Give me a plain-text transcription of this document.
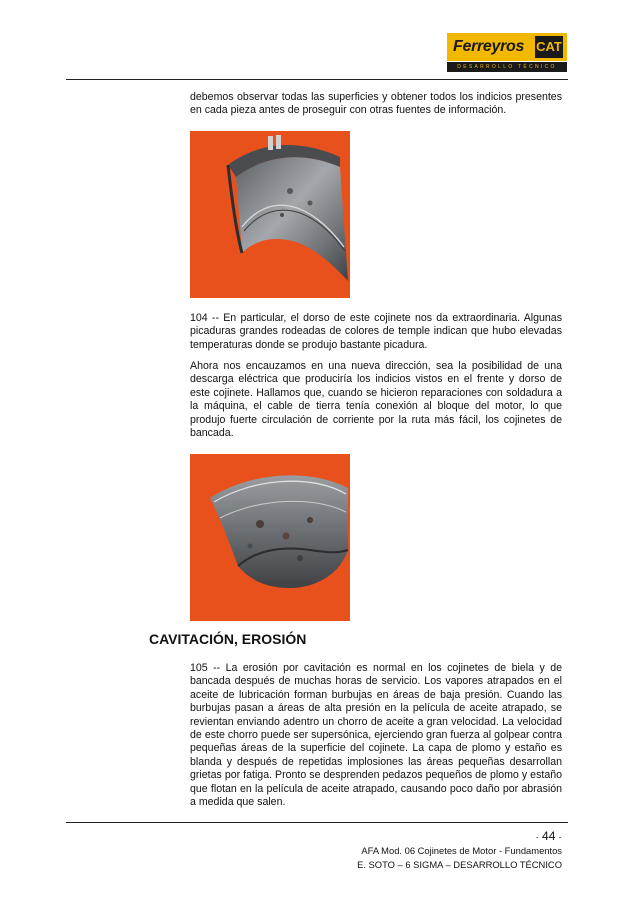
Ferreyros CAT
DESARROLLO TÉCNICO

debemos observar todas las superficies y obtener todos los indicios presentes en cada pieza antes de proseguir con otras fuentes de información.

104 -- En particular, el dorso de este cojinete nos da extraordinaria. Algunas picaduras grandes rodeadas de colores de temple indican que hubo elevadas temperaturas donde se produjo bastante picadura.

Ahora nos encauzamos en una nueva dirección, sea la posibilidad de una descarga eléctrica que produciría los indicios vistos en el frente y dorso de este cojinete. Hallamos que, cuando se hicieron reparaciones con soldadura a la máquina, el cable de tierra tenía conexión al bloque del motor, lo que produjo fuerte circulación de corriente por la ruta más fácil, los cojinetes de bancada.

CAVITACIÓN, EROSIÓN

105 -- La erosión por cavitación es normal en los cojinetes de biela y de bancada después de muchas horas de servicio. Los vapores atrapados en el aceite de lubricación forman burbujas en áreas de baja presión. Cuando las burbujas pasan a áreas de alta presión en la película de aceite atrapado, se revientan enviando adentro un chorro de aceite a gran velocidad. La velocidad de este chorro puede ser supersónica, ejerciendo gran fuerza al golpear contra pequeñas áreas de la superficie del cojinete. La capa de plomo y estaño es blanda y después de repetidas implosiones las áreas pequeñas desarrollan grietas por fatiga. Pronto se desprenden pedazos pequeños de plomo y estaño que flotan en la película de aceite atrapado, causando poco daño por abrasión a medida que salen.

- 44 -
AFA Mod. 06 Cojinetes de Motor - Fundamentos
E. SOTO – 6 SIGMA – DESARROLLO TÉCNICO
